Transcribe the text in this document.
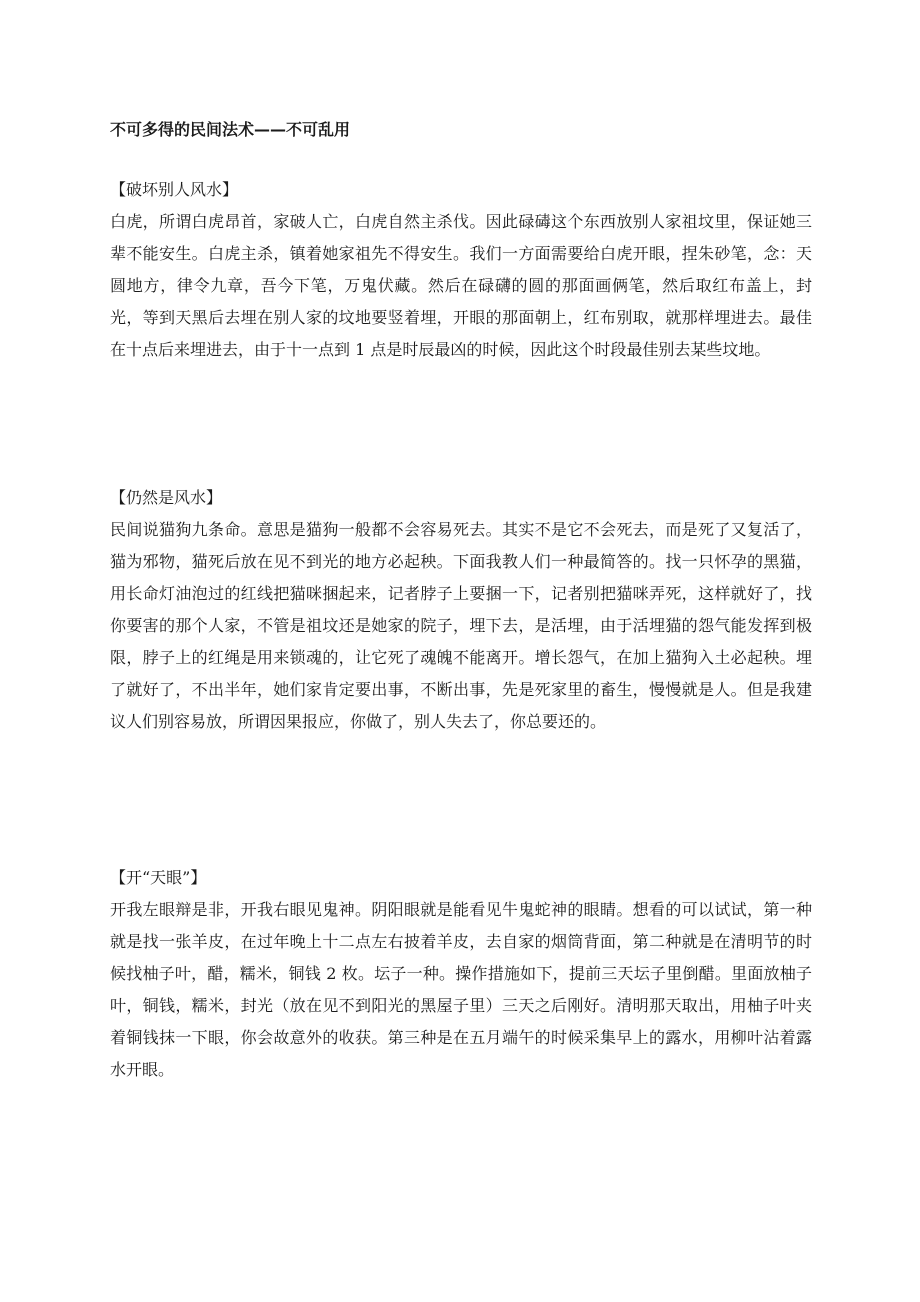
不可多得的民间法术——不可乱用
【破坏别人风水】

白虎，所谓白虎昂首，家破人亡，白虎自然主杀伐。因此碌碡这个东西放别人家祖坟里，保证她三辈不能安生。白虎主杀，镇着她家祖先不得安生。我们一方面需要给白虎开眼，捏朱砂笔，念：天圆地方，律令九章，吾今下笔，万鬼伏藏。然后在碌礴的圆的那面画俩笔，然后取红布盖上，封光，等到天黑后去埋在别人家的坟地要竖着埋，开眼的那面朝上，红布别取，就那样埋进去。最佳在十点后来埋进去，由于十一点到 1 点是时辰最凶的时候，因此这个时段最佳别去某些坟地。

【仍然是风水】

民间说猫狗九条命。意思是猫狗一般都不会容易死去。其实不是它不会死去，而是死了又复活了，猫为邪物，猫死后放在见不到光的地方必起秧。下面我教人们一种最简答的。找一只怀孕的黑猫，用长命灯油泡过的红线把猫咪捆起来，记者脖子上要捆一下，记者别把猫咪弄死，这样就好了，找你要害的那个人家，不管是祖坟还是她家的院子，埋下去，是活埋，由于活埋猫的怨气能发挥到极限，脖子上的红绳是用来锁魂的，让它死了魂魄不能离开。增长怨气，在加上猫狗入土必起秧。埋了就好了，不出半年，她们家肯定要出事，不断出事，先是死家里的畜生，慢慢就是人。但是我建议人们别容易放，所谓因果报应，你做了，别人失去了，你总要还的。

【开“天眼”】

开我左眼辩是非，开我右眼见鬼神。阴阳眼就是能看见牛鬼蛇神的眼睛。想看的可以试试，第一种就是找一张羊皮，在过年晚上十二点左右披着羊皮，去自家的烟筒背面，第二种就是在清明节的时候找柚子叶，醋，糯米，铜钱 2 枚。坛子一种。操作措施如下，提前三天坛子里倒醋。里面放柚子叶，铜钱，糯米，封光（放在见不到阳光的黑屋子里）三天之后刚好。清明那天取出，用柚子叶夹着铜钱抹一下眼，你会故意外的收获。第三种是在五月端午的时候采集早上的露水，用柳叶沾着露水开眼。
